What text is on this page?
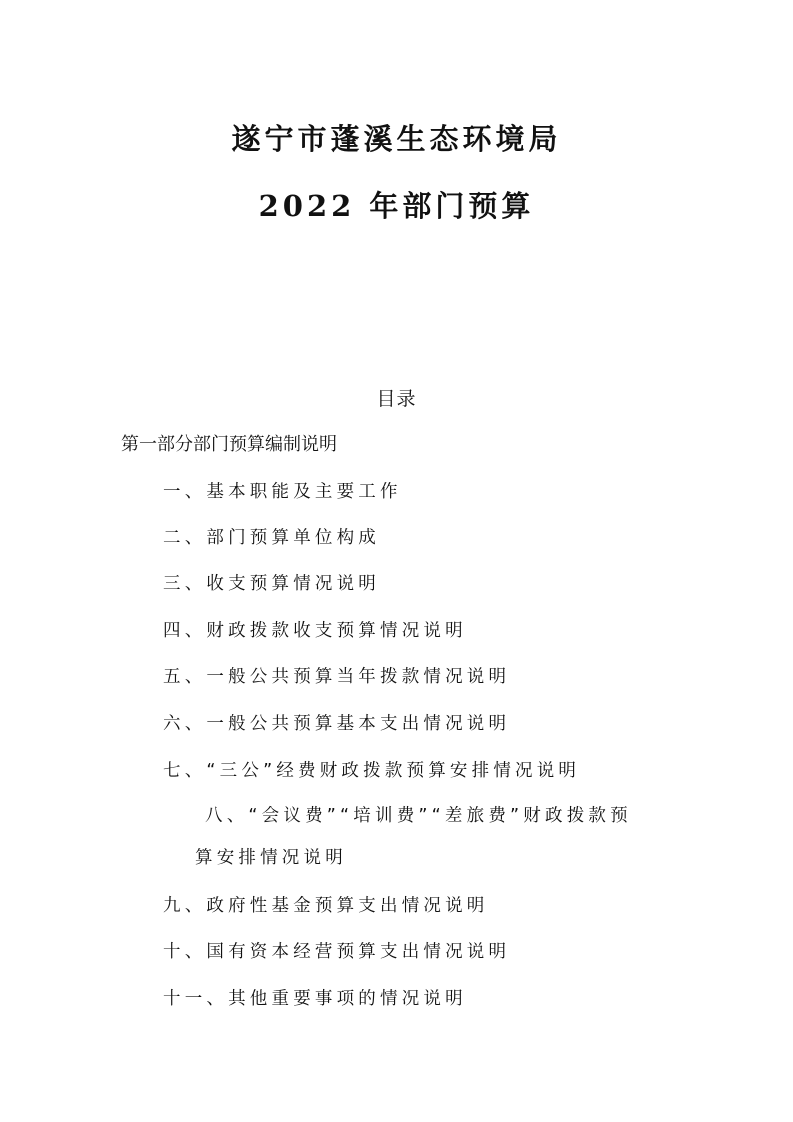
遂宁市蓬溪生态环境局
2022 年部门预算
目录
第一部分部门预算编制说明
一、基本职能及主要工作
二、部门预算单位构成
三、收支预算情况说明
四、财政拨款收支预算情况说明
五、一般公共预算当年拨款情况说明
六、一般公共预算基本支出情况说明
七、“三公”经费财政拨款预算安排情况说明
八、“会议费”“培训费”“差旅费”财政拨款预
算安排情况说明
九、政府性基金预算支出情况说明
十、国有资本经营预算支出情况说明
十一、其他重要事项的情况说明
